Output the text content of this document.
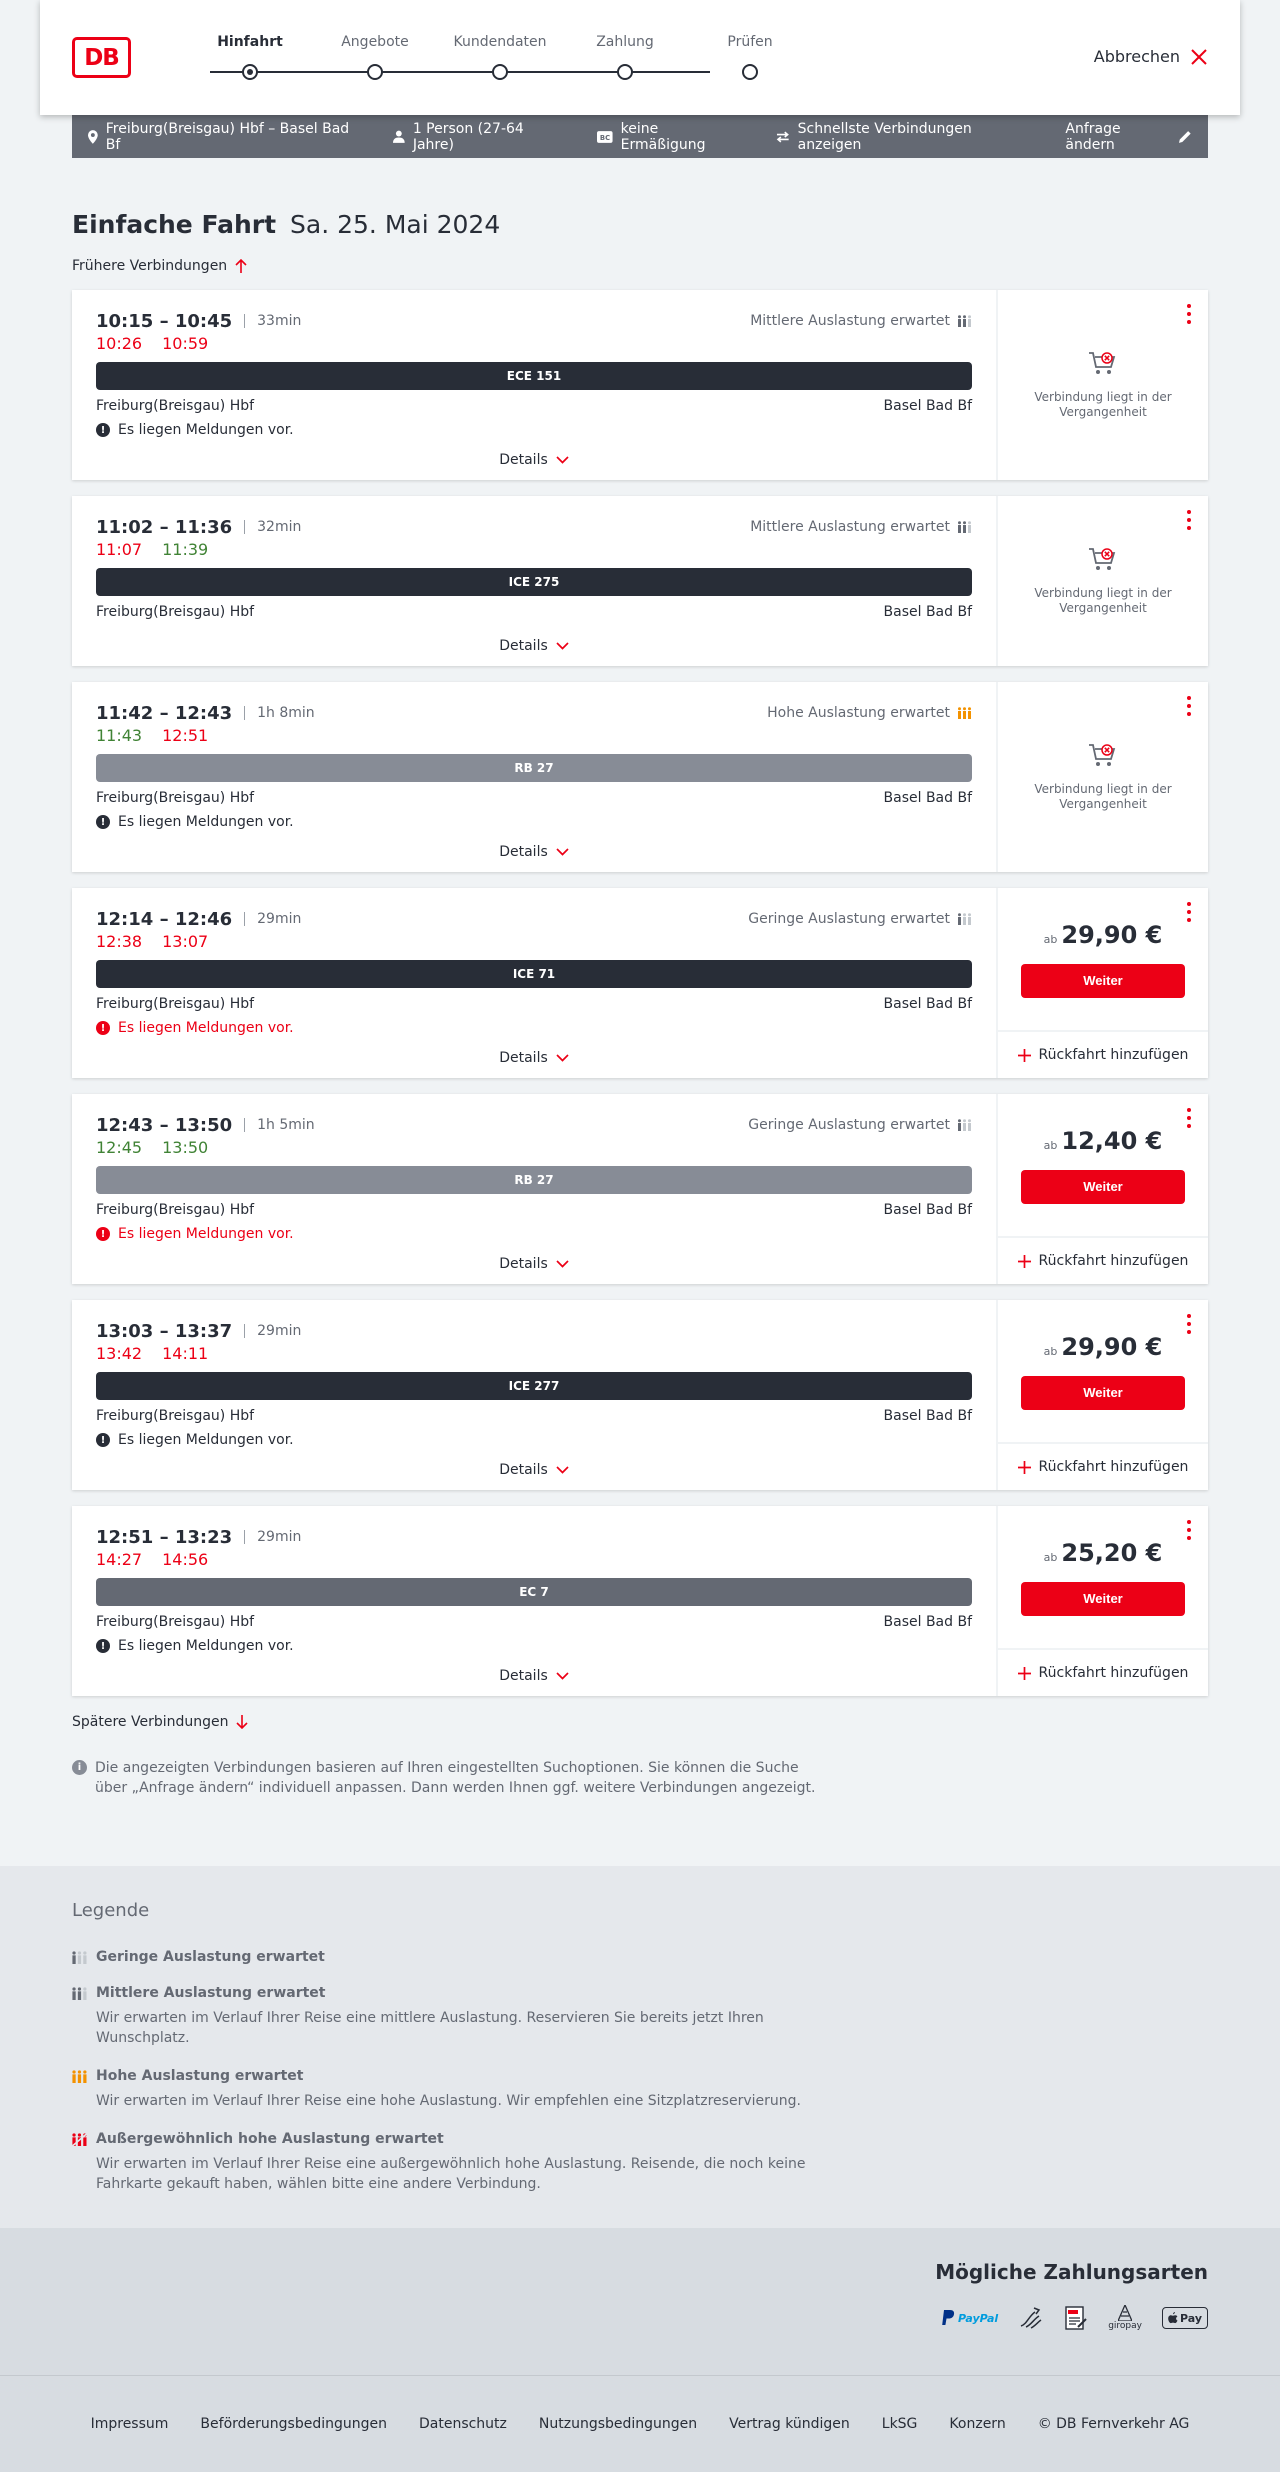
DB
Hinfahrt	Angebote	Kundendaten	Zahlung	Prüfen
Abbrechen
Freiburg(Breisgau) Hbf – Basel Bad Bf
1 Person (27-64 Jahre)	BC
keine Ermäßigung
Schnellste Verbindungen anzeigen
Anfrage ändern
Einfache Fahrt Sa. 25. Mai 2024
Frühere Verbindungen
10:15 – 10:45 33min	Mittlere Auslastung erwartet
10:26 10:59
ECE 151
Freiburg(Breisgau) Hbf	Basel Bad Bf
! Es liegen Meldungen vor.
Details
Verbindung liegt in der Vergangenheit
11:02 – 11:36 32min	Mittlere Auslastung erwartet
11:07 11:39
ICE 275
Freiburg(Breisgau) Hbf	Basel Bad Bf
Details
Verbindung liegt in der Vergangenheit
11:42 – 12:43 1h 8min	Hohe Auslastung erwartet
11:43 12:51
RB 27
Freiburg(Breisgau) Hbf	Basel Bad Bf
! Es liegen Meldungen vor.
Details
Verbindung liegt in der Vergangenheit
12:14 – 12:46 29min	Geringe Auslastung erwartet
12:38 13:07
ICE 71
Freiburg(Breisgau) Hbf	Basel Bad Bf
! Es liegen Meldungen vor.
Details
ab 29,90 €
Weiter
Rückfahrt hinzufügen
12:43 – 13:50 1h 5min	Geringe Auslastung erwartet
12:45 13:50
RB 27
Freiburg(Breisgau) Hbf	Basel Bad Bf
! Es liegen Meldungen vor.
Details
ab 12,40 €
Weiter
Rückfahrt hinzufügen
13:03 – 13:37 29min
13:42 14:11
ICE 277
Freiburg(Breisgau) Hbf	Basel Bad Bf
! Es liegen Meldungen vor.
Details
ab 29,90 €
Weiter
Rückfahrt hinzufügen
12:51 – 13:23 29min
14:27 14:56
EC 7
Freiburg(Breisgau) Hbf	Basel Bad Bf
! Es liegen Meldungen vor.
Details
ab 25,20 €
Weiter
Rückfahrt hinzufügen
Spätere Verbindungen
i Die angezeigten Verbindungen basieren auf Ihren eingestellten Suchoptionen. Sie können die Suche über „Anfrage ändern“ individuell anpassen. Dann werden Ihnen ggf. weitere Verbindungen angezeigt.
Legende
Geringe Auslastung erwartet
Mittlere Auslastung erwartet
Wir erwarten im Verlauf Ihrer Reise eine mittlere Auslastung. Reservieren Sie bereits jetzt Ihren Wunschplatz.
Hohe Auslastung erwartet
Wir erwarten im Verlauf Ihrer Reise eine hohe Auslastung. Wir empfehlen eine Sitzplatzreservierung.
Außergewöhnlich hohe Auslastung erwartet
Wir erwarten im Verlauf Ihrer Reise eine außergewöhnlich hohe Auslastung. Reisende, die noch keine Fahrkarte gekauft haben, wählen bitte eine andere Verbindung.
Mögliche Zahlungsarten
PayPal
giropay
Pay
Impressum Beförderungsbedingungen Datenschutz Nutzungsbedingungen Vertrag kündigen LkSG Konzern © DB Fernverkehr AG
